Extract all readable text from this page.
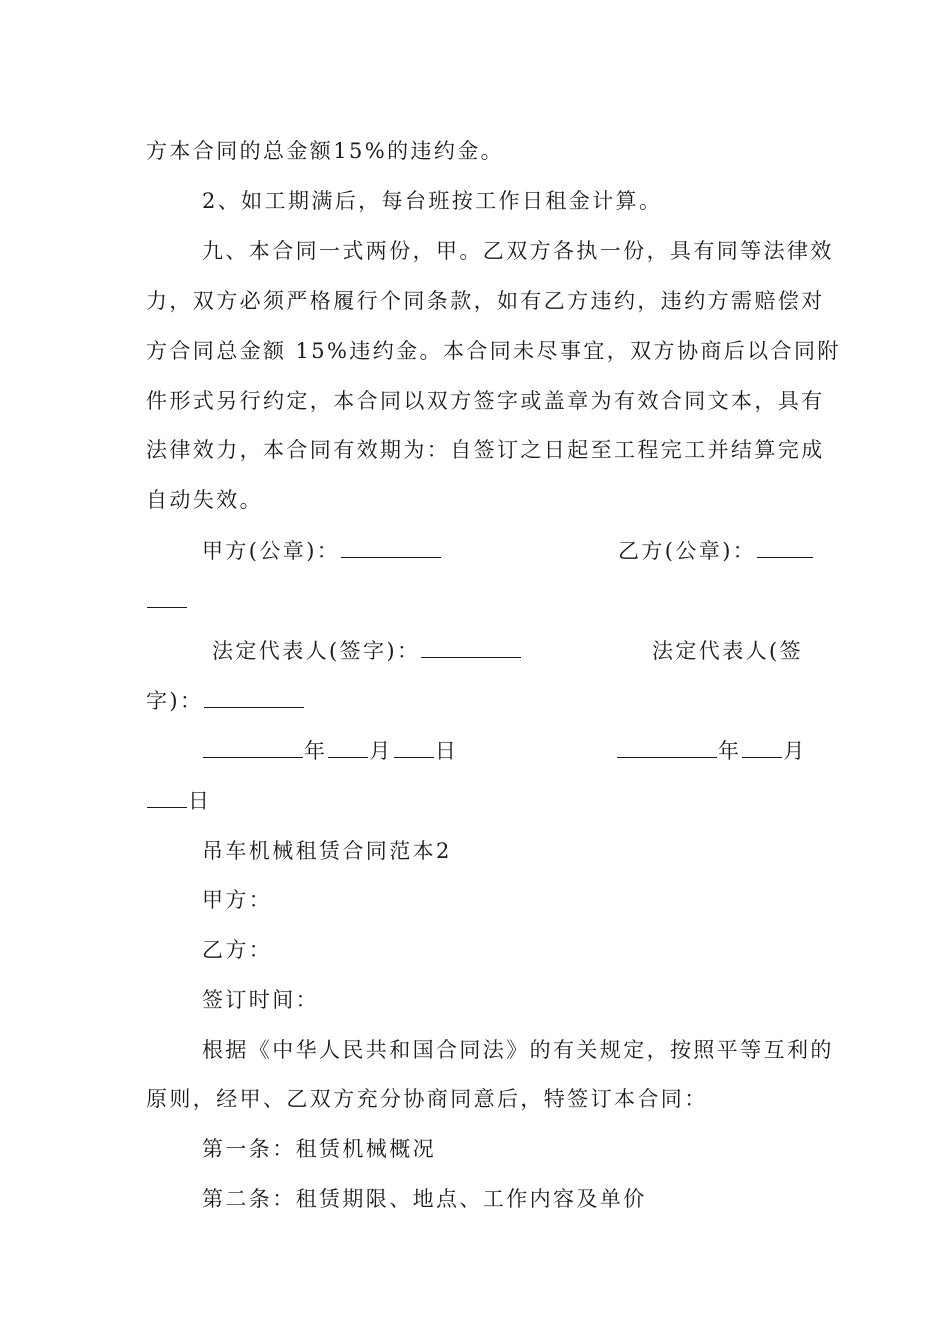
方本合同的总金额15%的违约金。
2、如工期满后，每台班按工作日租金计算。
九、本合同一式两份，甲。乙双方各执一份，具有同等法律效
力，双方必须严格履行个同条款，如有乙方违约，违约方需赔偿对
方合同总金额 15%违约金。本合同未尽事宜，双方协商后以合同附
件形式另行约定，本合同以双方签字或盖章为有效合同文本，具有
法律效力，本合同有效期为：自签订之日起至工程完工并结算完成
自动失效。
甲方(公章)：	乙方(公章)：
法定代表人(签字)：	法定代表人(签
字)：
年 月 日	年 月
日
吊车机械租赁合同范本2
甲方：
乙方：
签订时间：
根据《中华人民共和国合同法》的有关规定，按照平等互利的
原则，经甲、乙双方充分协商同意后，特签订本合同：
第一条：租赁机械概况
第二条：租赁期限、地点、工作内容及单价
